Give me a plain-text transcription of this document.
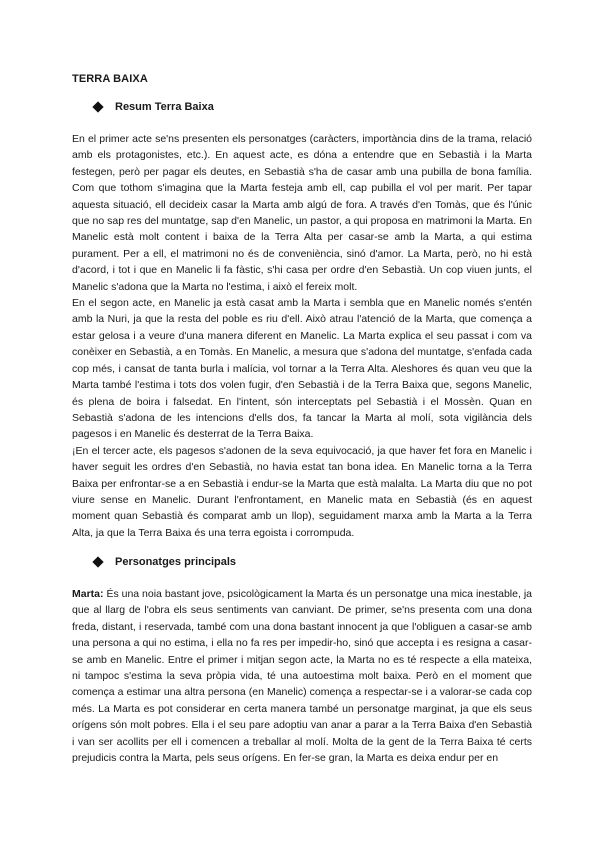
TERRA BAIXA
Resum Terra Baixa

En el primer acte se'ns presenten els personatges (caràcters, importància dins de la trama, relació amb els protagonistes, etc.). En aquest acte, es dóna a entendre que en Sebastià i la Marta festegen, però per pagar els deutes, en Sebastià s'ha de casar amb una pubilla de bona família. Com que tothom s'imagina que la Marta festeja amb ell, cap pubilla el vol per marit. Per tapar aquesta situació, ell decideix casar la Marta amb algú de fora. A través d'en Tomàs, que és l'únic que no sap res del muntatge, sap d'en Manelic, un pastor, a qui proposa en matrimoni la Marta. En Manelic està molt content i baixa de la Terra Alta per casar-se amb la Marta, a qui estima purament. Per a ell, el matrimoni no és de conveniència, sinó d'amor. La Marta, però, no hi està d'acord, i tot i que en Manelic li fa fàstic, s'hi casa per ordre d'en Sebastià. Un cop viuen junts, el Manelic s'adona que la Marta no l'estima, i això el fereix molt.

En el segon acte, en Manelic ja està casat amb la Marta i sembla que en Manelic només s'entén amb la Nuri, ja que la resta del poble es riu d'ell. Això atrau l'atenció de la Marta, que comença a estar gelosa i a veure d'una manera diferent en Manelic. La Marta explica el seu passat i com va conèixer en Sebastià, a en Tomàs. En Manelic, a mesura que s'adona del muntatge, s'enfada cada cop més, i cansat de tanta burla i malícia, vol tornar a la Terra Alta. Aleshores és quan veu que la Marta també l'estima i tots dos volen fugir, d'en Sebastià i de la Terra Baixa que, segons Manelic, és plena de boira i falsedat. En l'intent, són interceptats pel Sebastià i el Mossèn. Quan en Sebastià s'adona de les intencions d'ells dos, fa tancar la Marta al molí, sota vigilància dels pagesos i en Manelic és desterrat de la Terra Baixa.

¡En el tercer acte, els pagesos s'adonen de la seva equivocació, ja que haver fet fora en Manelic i haver seguit les ordres d'en Sebastià, no havia estat tan bona idea. En Manelic torna a la Terra Baixa per enfrontar-se a en Sebastià i endur-se la Marta que està malalta. La Marta diu que no pot viure sense en Manelic. Durant l'enfrontament, en Manelic mata en Sebastià (és en aquest moment quan Sebastià és comparat amb un llop), seguidament marxa amb la Marta a la Terra Alta, ja que la Terra Baixa és una terra egoista i corrompuda.

Personatges principals

Marta: És una noia bastant jove, psicològicament la Marta és un personatge una mica inestable, ja que al llarg de l'obra els seus sentiments van canviant. De primer, se'ns presenta com una dona freda, distant, i reservada, també com una dona bastant innocent ja que l'obliguen a casar-se amb una persona a qui no estima, i ella no fa res per impedir-ho, sinó que accepta i es resigna a casar-se amb en Manelic. Entre el primer i mitjan segon acte, la Marta no es té respecte a ella mateixa, ni tampoc s'estima la seva pròpia vida, té una autoestima molt baixa. Però en el moment que comença a estimar una altra persona (en Manelic) comença a respectar-se i a valorar-se cada cop més. La Marta es pot considerar en certa manera també un personatge marginat, ja que els seus orígens són molt pobres. Ella i el seu pare adoptiu van anar a parar a la Terra Baixa d'en Sebastià i van ser acollits per ell i comencen a treballar al molí. Molta de la gent de la Terra Baixa té certs prejudicis contra la Marta, pels seus orígens. En fer-se gran, la Marta es deixa endur per en
